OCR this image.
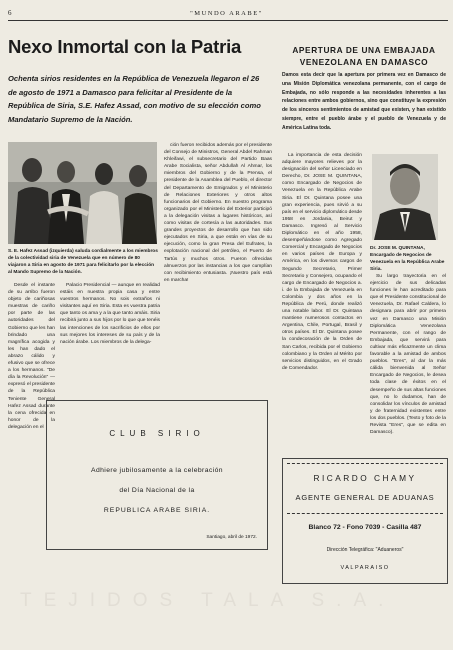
6	"MUNDO ARABE"
TEJIDOS TALA S.A.
Nexo Inmortal con la Patria
Ochenta sirios residentes en la República de Venezuela llegaron el 26 de agosto de 1971 a Damasco para felicitar al Presidente de la República de Siria, S.E. Hafez Assad, con motivo de su elección como Mandatario Supremo de la Nación.
S. E. Hafez Assad (izquierda) saluda cordialmente a los miembros de la colectividad siria de Venezuela que en número de 80 viajaron a Siria en agosto de 1971 para felicitarlo por la elección al Mando Supremo de la Nación.

Desde el instante de su arribo fueron objeto de cariñosas muestras de cariño por parte de las autoridades del Gobierno que les han brindado una magnífica acogida y les han dado el abrazo cálido y efusivo que se ofrece a los hermanos. "De día la Revolución" — expresó el presidente de la República Teniente General Hafez Assad durante la cena ofrecida en honor de la delegación en el

Palacio Presidencial — aunque en realidad estáis en nuestra propia casa y entre vuestros hermanos. No sois extraños ni visitantes aquí en Siria. Esta es vuestra patria que tanto os ama y a la que tanto amáis. Siria recibirá junto a sus hijos por lo que que tenéis las intenciones de los sacrificios de ellos por sus mejores los intereses de su país y de la nación árabe. Los miembros de la delega-

ción fueron recibidos además por el presidente del Consejo de Ministros, General Abdel Rahman Khleifawi, el subsecretario del Partido Baas Arabe Socialista, señor Abdullah Al Ahmar, los miembros del Gobierno y de la Prensa, el presidente de la Asamblea del Pueblo, el director del Departamento de Emigrados y el Ministerio de Relaciones Exteriores y otros altos funcionarios del Gobierno. En nuestro programa organizado por el Ministerio del Exterior participó a la delegación visitas a lugares históricos, así como visitas de cortesía a las autoridades. Sus grandes proyectos de desarrollo que han sido ejecutados en Siria, a que están en vías de su ejecución, como la gran Presa del Eufrates, la explotación nacional del petróleo, el Puerto de Tartús y muchos otros. Fueron ofrecidas almuerzos por las instancias a los que cumplían con recibimiento entusiasta. ¡Nuestro país está en marcha!

APERTURA DE UNA EMBAJADA
VENEZOLANA EN DAMASCO

Damos esta decir que la apertura por primera vez en Damasco de una Misión Diplomática venezolana permanente, con el cargo de Embajada, no sólo responde a las necesidades inherentes a las relaciones entre ambos gobiernos, sino que constituye la expresión de los sinceros sentimientos de amistad que existen, y han existido siempre, entre el pueblo árabe y el pueblo de Venezuela y de América Latina toda.

La importancia de esta decisión adquiere mayores relieves por la designación del señor Licenciado en Derecho, Dr. JOSE M. QUINTANA, como Encargado de Negocios de Venezuela en la República Arabe Siria. El Dr. Quintana posee una gran experiencia, pues sirvió a su país en el servicio diplomático desde 1958 en Jordania, Beirut y Damasco. Ingresó al Servicio Diplomático en el año 1958, desempeñándose como Agregado Comercial y Encargado de Negocios en varios países de Europa y América, en los diversos cargos de Segundo Secretario, Primer Secretario y Consejero, ocupando el cargo de Encargado de Negocios a. i. de la Embajada de Venezuela en Colombia y dos años en la República de Perú, donde realizó una notable labor. El Dr. Quintana mantiene numerosos contactos en Argentina, Chile, Portugal, Brasil y otros países. El Dr. Quintana posee la condecoración de la Orden de San Carlos, recibida por el Gobierno colombiano y la Orden al Mérito por servicios distinguidos, en el Grado de Comendador.

Dr. JOSE M. QUINTANA, Encargado de Negocios de Venezuela en la República Arabe Siria.

Su largo trayectoria en el ejercicio de sus delicadas funciones le han acreditado para que el Presidente constitucional de Venezuela, Dr. Rafael Caldera, lo designara para abrir por primera vez en Damasco una Misión Diplomática Venezolana Permanente, con el rango de Embajada, que servirá para cultivar más eficazmente un clima favorable a la amistad de ambos pueblos. "Eres", al dar la más cálida bienvenida al Señor Encargado de Negocios, le desea toda clase de éxitos en el desempeño de sus altas funciones que, no lo dudamos, han de consolidar los vínculos de amistad y de fraternidad existentes entre los dos pueblos. (Texto y foto de la Revista "Eres", que se edita en Damasco).

CLUB SIRIO
Adhiere jubilosamente a la celebración
del Día Nacional de la
REPUBLICA ARABE SIRIA.
Santiago, abril de 1972.
RICARDO CHAMY
AGENTE GENERAL DE ADUANAS
Blanco 72 - Fono 7039 - Casilla 487
Dirección Telegráfica: "Aduaneros"
VALPARAISO
